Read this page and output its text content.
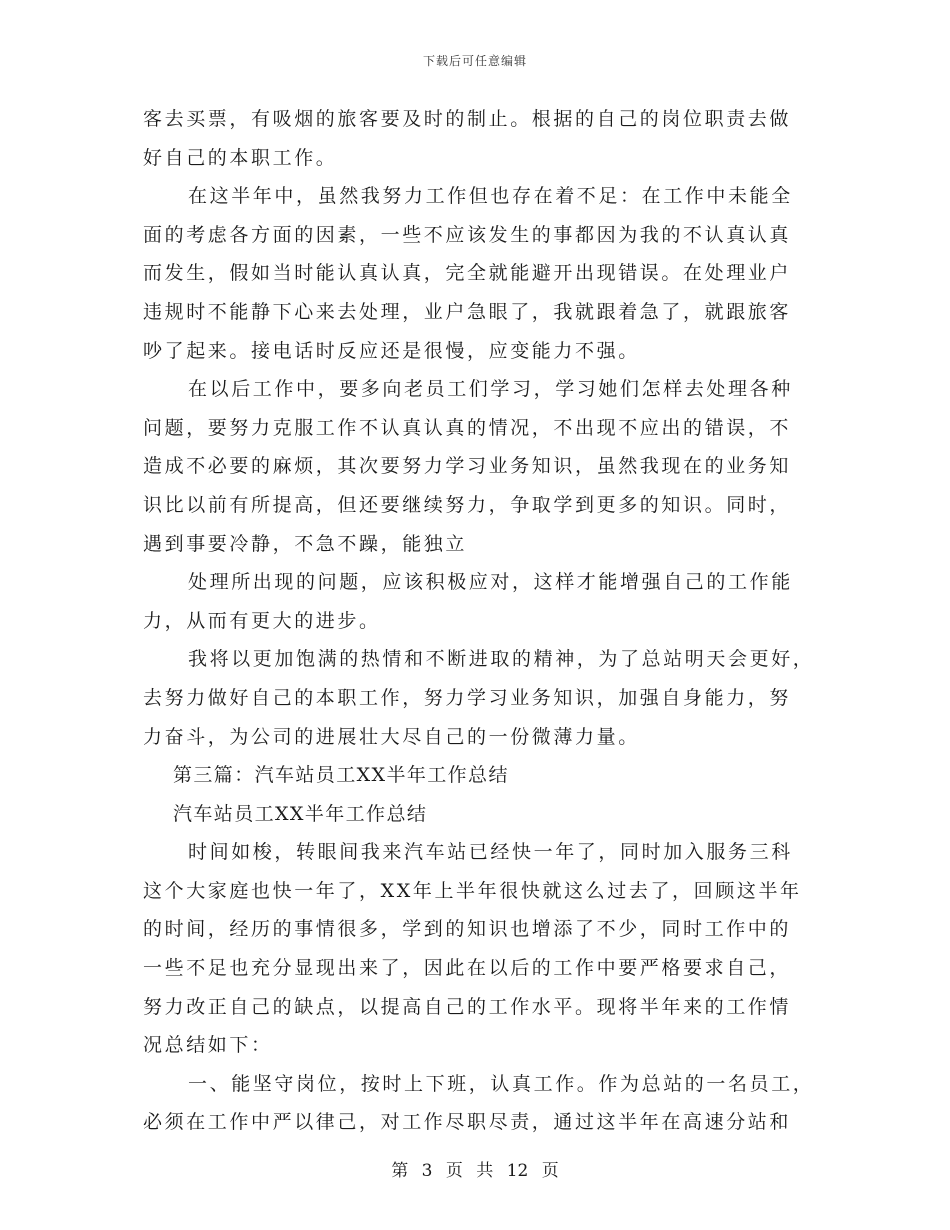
下载后可任意编辑
客去买票，有吸烟的旅客要及时的制止。根据的自己的岗位职责去做
好自己的本职工作。
在这半年中，虽然我努力工作但也存在着不足：在工作中未能全
面的考虑各方面的因素，一些不应该发生的事都因为我的不认真认真
而发生，假如当时能认真认真，完全就能避开出现错误。在处理业户
违规时不能静下心来去处理，业户急眼了，我就跟着急了，就跟旅客
吵了起来。接电话时反应还是很慢，应变能力不强。
在以后工作中，要多向老员工们学习，学习她们怎样去处理各种
问题，要努力克服工作不认真认真的情况，不出现不应出的错误，不
造成不必要的麻烦，其次要努力学习业务知识，虽然我现在的业务知
识比以前有所提高，但还要继续努力，争取学到更多的知识。同时，
遇到事要冷静，不急不躁，能独立
处理所出现的问题，应该积极应对，这样才能增强自己的工作能
力，从而有更大的进步。
我将以更加饱满的热情和不断进取的精神，为了总站明天会更好，
去努力做好自己的本职工作，努力学习业务知识，加强自身能力，努
力奋斗，为公司的进展壮大尽自己的一份微薄力量。
第三篇：汽车站员工XX半年工作总结
汽车站员工XX半年工作总结
时间如梭，转眼间我来汽车站已经快一年了，同时加入服务三科
这个大家庭也快一年了，XX年上半年很快就这么过去了，回顾这半年
的时间，经历的事情很多，学到的知识也增添了不少，同时工作中的
一些不足也充分显现出来了，因此在以后的工作中要严格要求自己，
努力改正自己的缺点，以提高自己的工作水平。现将半年来的工作情
况总结如下：
一、能坚守岗位，按时上下班，认真工作。作为总站的一名员工，
必须在工作中严以律己，对工作尽职尽责，通过这半年在高速分站和
第 3 页 共 12 页
